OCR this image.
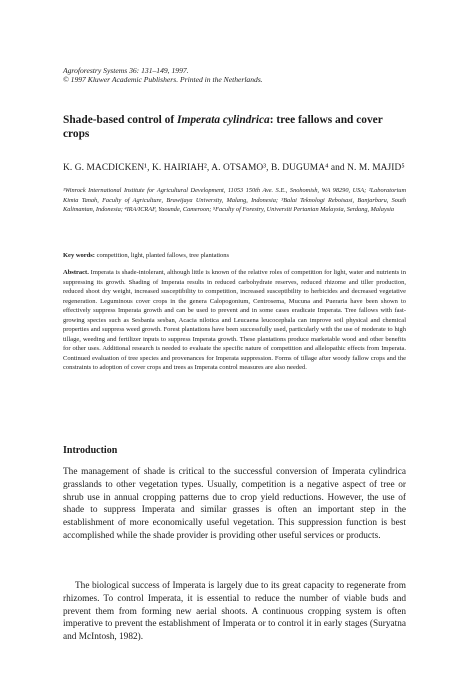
Agroforestry Systems 36: 131–149, 1997.
© 1997 Kluwer Academic Publishers. Printed in the Netherlands.
Shade-based control of Imperata cylindrica: tree fallows and cover crops
K. G. MACDICKEN¹, K. HAIRIAH², A. OTSAMO³, B. DUGUMA⁴ and N. M. MAJID⁵
¹Winrock International Institute for Agricultural Development, 11053 150th Ave. S.E., Snohomish, WA 98290, USA; ²Laboratorium Kimia Tanah, Faculty of Agriculture, Brawijaya University, Malang, Indonesia; ³Balai Teknologi Reboisasi, Banjarbaru, South Kalimantan, Indonesia; ⁴IRA/ICRAF, Yaounde, Cameroon; ⁵Faculty of Forestry, Universiti Pertanian Malaysia, Serdang, Malaysia
Key words: competition, light, planted fallows, tree plantations
Abstract. Imperata is shade-intolerant, although little is known of the relative roles of competition for light, water and nutrients in suppressing its growth. Shading of Imperata results in reduced carbohydrate reserves, reduced rhizome and tiller production, reduced shoot dry weight, increased susceptibility to competition, increased susceptibility to herbicides and decreased vegetative regeneration. Leguminous cover crops in the genera Calopogonium, Centrosema, Mucuna and Pueraria have been shown to effectively suppress Imperata growth and can be used to prevent and in some cases eradicate Imperata. Tree fallows with fast-growing species such as Sesbania sesban, Acacia nilotica and Leucaena leucocephala can improve soil physical and chemical properties and suppress weed growth. Forest plantations have been successfully used, particularly with the use of moderate to high tillage, weeding and fertilizer inputs to suppress Imperata growth. These plantations produce marketable wood and other benefits for other uses. Additional research is needed to evaluate the specific nature of competition and allelopathic effects from Imperata. Continued evaluation of tree species and provenances for Imperata suppression. Forms of tillage after woody fallow crops and the constraints to adoption of cover crops and trees as Imperata control measures are also needed.
Introduction
The management of shade is critical to the successful conversion of Imperata cylindrica grasslands to other vegetation types. Usually, competition is a negative aspect of tree or shrub use in annual cropping patterns due to crop yield reductions. However, the use of shade to suppress Imperata and similar grasses is often an important step in the establishment of more economically useful vegetation. This suppression function is best accomplished while the shade provider is providing other useful services or products.
The biological success of Imperata is largely due to its great capacity to regenerate from rhizomes. To control Imperata, it is essential to reduce the number of viable buds and prevent them from forming new aerial shoots. A continuous cropping system is often imperative to prevent the establishment of Imperata or to control it in early stages (Suryatna and McIntosh, 1982).
